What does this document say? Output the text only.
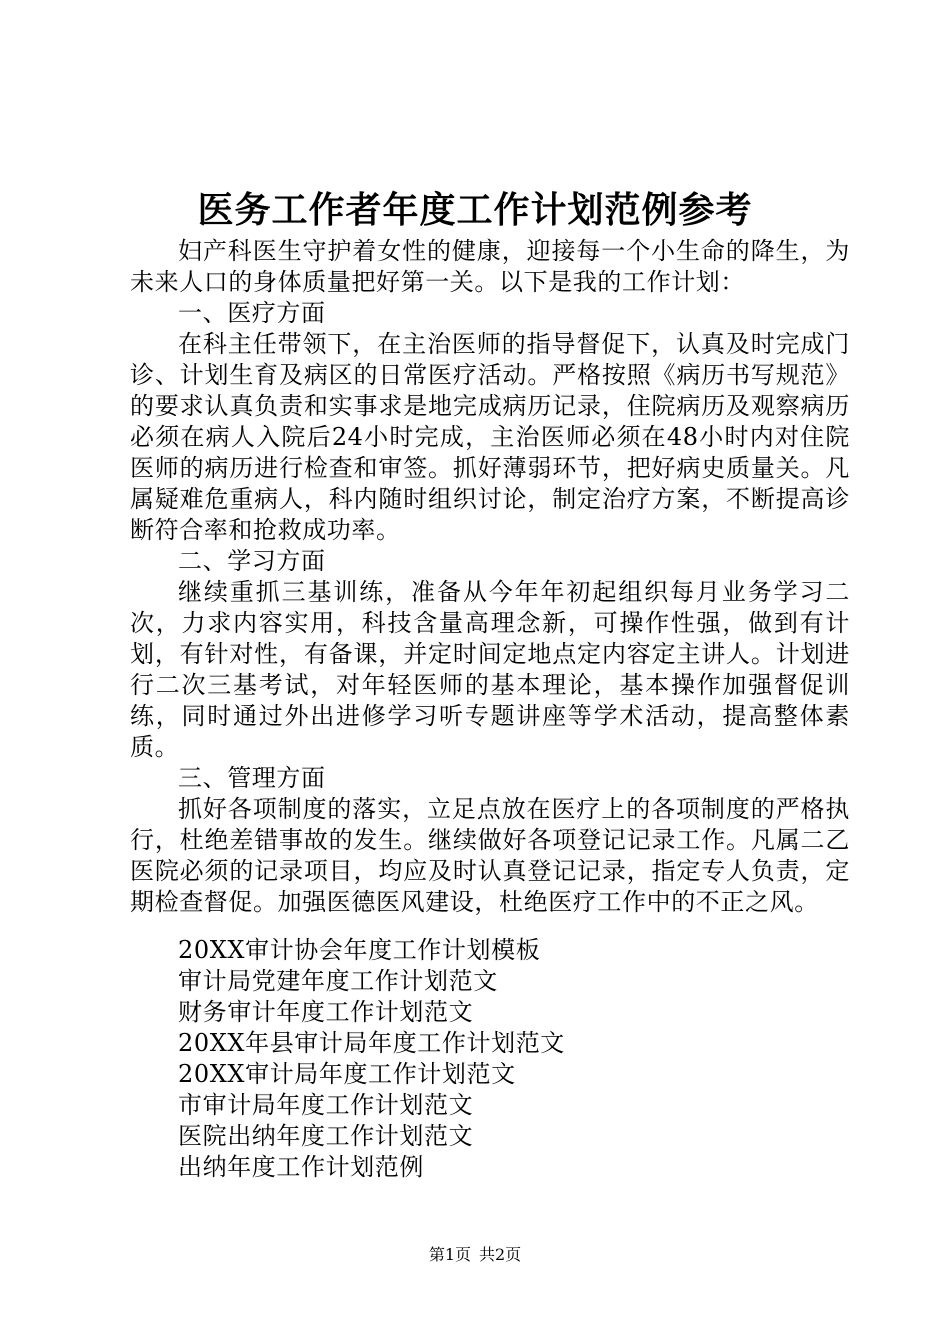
医务工作者年度工作计划范例参考

妇产科医生守护着女性的健康，迎接每一个小生命的降生，为未来人口的身体质量把好第一关。以下是我的工作计划：

一、医疗方面

在科主任带领下，在主治医师的指导督促下，认真及时完成门诊、计划生育及病区的日常医疗活动。严格按照《病历书写规范》的要求认真负责和实事求是地完成病历记录，住院病历及观察病历必须在病人入院后24小时完成，主治医师必须在48小时内对住院医师的病历进行检查和审签。抓好薄弱环节，把好病史质量关。凡属疑难危重病人，科内随时组织讨论，制定治疗方案，不断提高诊断符合率和抢救成功率。

二、学习方面

继续重抓三基训练，准备从今年年初起组织每月业务学习二次，力求内容实用，科技含量高理念新，可操作性强，做到有计划，有针对性，有备课，并定时间定地点定内容定主讲人。计划进行二次三基考试，对年轻医师的基本理论，基本操作加强督促训练，同时通过外出进修学习听专题讲座等学术活动，提高整体素质。

三、管理方面

抓好各项制度的落实，立足点放在医疗上的各项制度的严格执行，杜绝差错事故的发生。继续做好各项登记记录工作。凡属二乙医院必须的记录项目，均应及时认真登记记录，指定专人负责，定期检查督促。加强医德医风建设，杜绝医疗工作中的不正之风。

20XX审计协会年度工作计划模板
审计局党建年度工作计划范文
财务审计年度工作计划范文
20XX年县审计局年度工作计划范文
20XX审计局年度工作计划范文
市审计局年度工作计划范文
医院出纳年度工作计划范文
出纳年度工作计划范例
第1页 共2页
